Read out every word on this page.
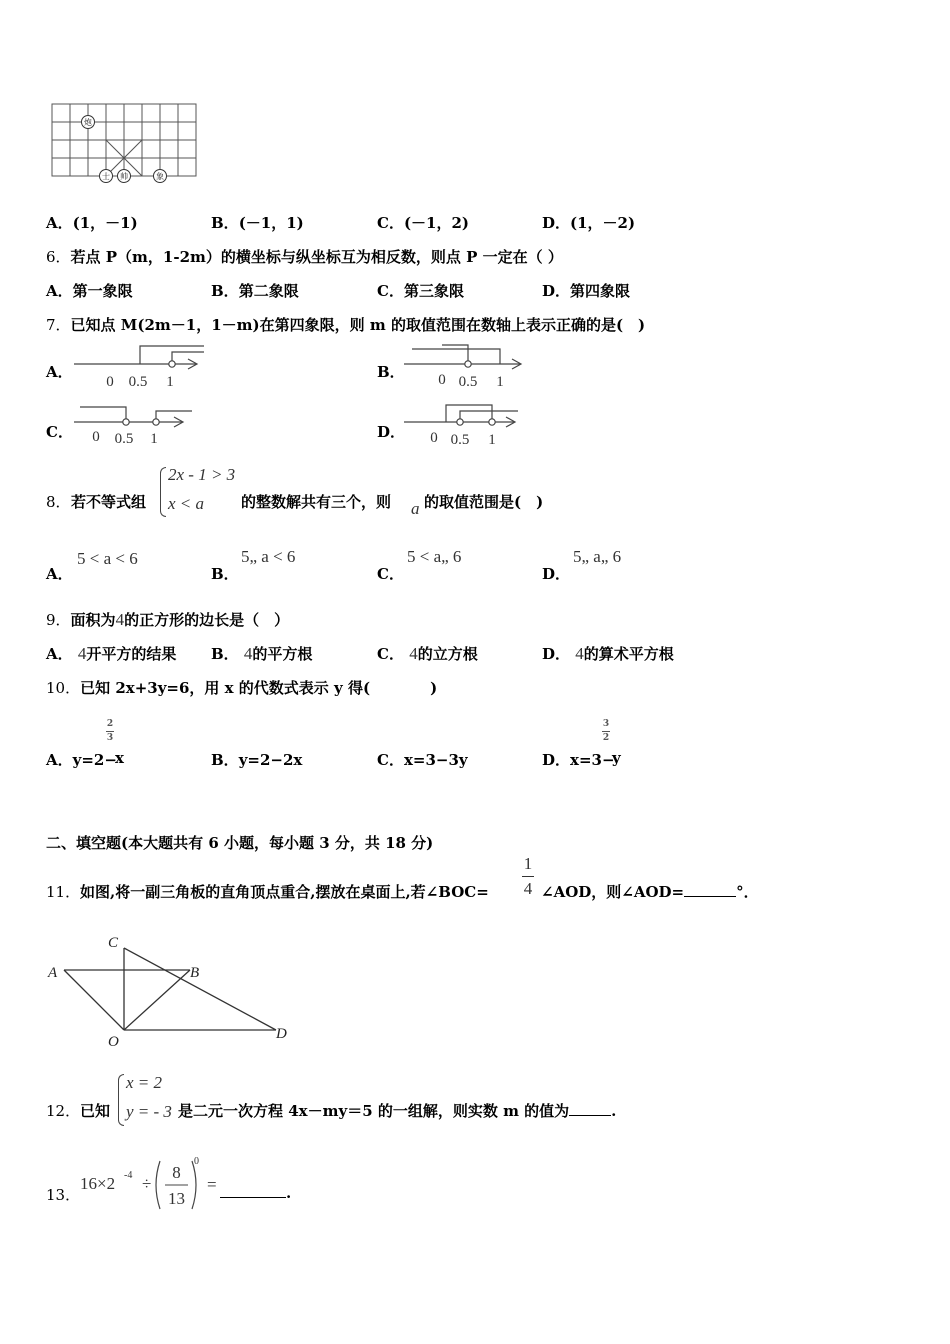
炮
士 帅	象
A．(1，－1)	B．(－1，1)	C．(－1，2)	D．(1，－2)
6．若点 P（m，1-2m）的横坐标与纵坐标互为相反数，则点 P 一定在（ ）
A．第一象限	B．第二象限	C．第三象限	D．第四象限
7．已知点 M(2m－1，1－m)在第四象限，则 m 的取值范围在数轴上表示正确的是(　)
A．
0 0.5 1
B． 0 0.5 1
C． 0 0.5 1	D． 0 0.5 1
8． 若不等式组
2x - 1 > 3
x < a 的整数解共有三个，则 a 的取值范围是(　)
A．
5 < a < 6
B．
5„ a < 6
C．
5 < a„ 6
D．
5„ a„ 6
9．面积为4的正方形的边长是（　）
A． 4开平方的结果 B． 4的平方根	C． 4的立方根	D． 4的算术平方根
10．已知 2x+3y=6，用 x 的代数式表示 y 得(　　　　)
A．y=2−
2
3
x	B．y=2−2x	C．x=3−3y	D．x=3−
3
2
y
二、填空题(本大题共有 6 小题，每小题 3 分，共 18 分)
11． 如图,将一副三角板的直角顶点重合,摆放在桌面上,若∠BOC=
1
4 ∠AOD，则∠AOD=	°．
A	B
C
D
O
12． 已知
x = 2
y = - 3 是二元一次方程 4x－my＝5 的一组解，则实数 m 的值为	.
13．
16×2 -4 ÷
8
13
0
=	.
